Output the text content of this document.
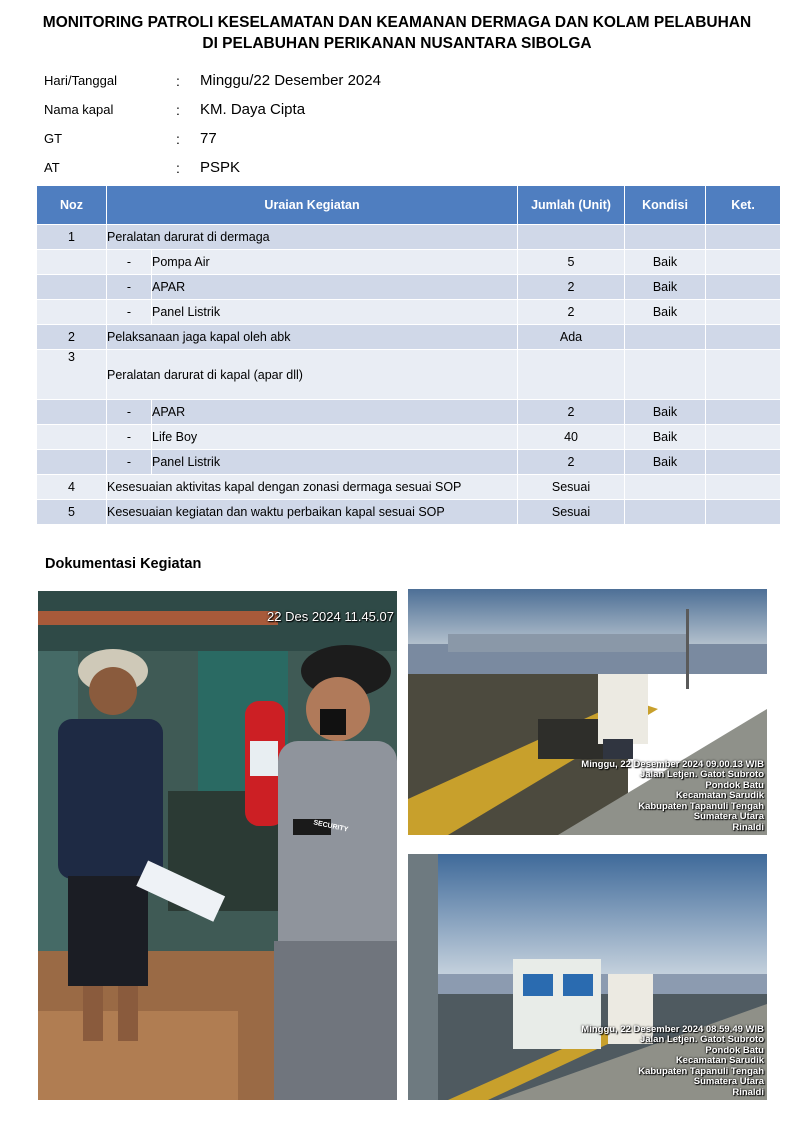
MONITORING PATROLI KESELAMATAN DAN KEAMANAN DERMAGA DAN KOLAM PELABUHAN
DI PELABUHAN PERIKANAN NUSANTARA SIBOLGA
Hari/Tanggal	:	Minggu/22 Desember 2024
Nama kapal	:	KM. Daya Cipta
GT	:	77
AT	:	PSPK
Noz	Uraian Kegiatan		Jumlah (Unit)	Kondisi	Ket.
1	Peralatan darurat di dermaga				
	-	Pompa Air	5	Baik	
	-	APAR	2	Baik	
	-	Panel Listrik	2	Baik	
2	Pelaksanaan jaga kapal oleh abk		Ada		
3	Peralatan darurat di kapal (apar dll)				
	-	APAR	2	Baik	
	-	Life Boy	40	Baik	
	-	Panel Listrik	2	Baik	
4	Kesesuaian aktivitas kapal dengan zonasi dermaga sesuai SOP		Sesuai		
5	Kesesuaian kegiatan dan waktu perbaikan kapal sesuai SOP		Sesuai		
Dokumentasi Kegiatan
22 Des 2024 11.45.07
SECURITY
Minggu, 22 Desember 2024 09.00.13 WIB
Jalan Letjen. Gatot Subroto
Pondok Batu
Kecamatan Sarudik
Kabupaten Tapanuli Tengah
Sumatera Utara
Rinaldi
Minggu, 22 Desember 2024 08.59.49 WIB
Jalan Letjen. Gatot Subroto
Pondok Batu
Kecamatan Sarudik
Kabupaten Tapanuli Tengah
Sumatera Utara
Rinaldi
